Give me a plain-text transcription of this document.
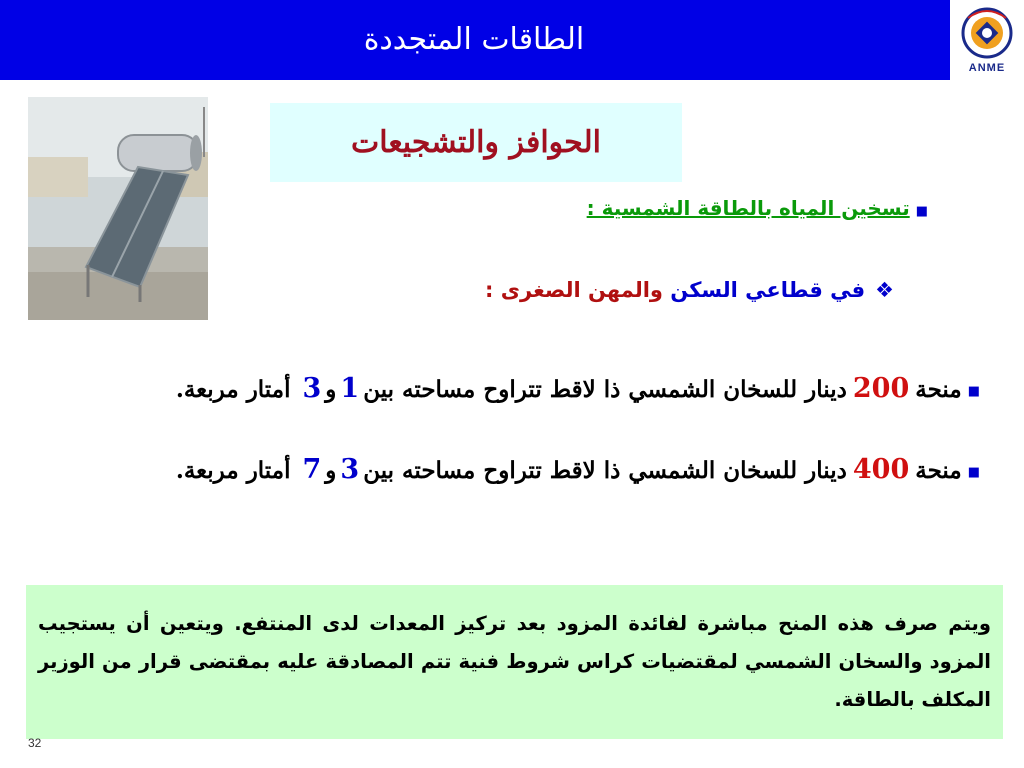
الطاقات المتجددة
ANME
الحوافز والتشجيعات
■تسخين المياه بالطاقة الشمسية :
❖في قطاعي السكن والمهن الصغرى :
■منحة200دينار للسخان الشمسي ذا لاقط تتراوح مساحته بين1و3 أمتار مربعة.
■منحة400دينار للسخان الشمسي ذا لاقط تتراوح مساحته بين3و7 أمتار مربعة.
ويتم صرف هذه المنح مباشرة لفائدة المزود بعد تركيز المعدات لدى المنتفع. ويتعين أن يستجيب المزود والسخان الشمسي لمقتضيات كراس شروط فنية تتم المصادقة عليه بمقتضى قرار من الوزير المكلف بالطاقة.
32
